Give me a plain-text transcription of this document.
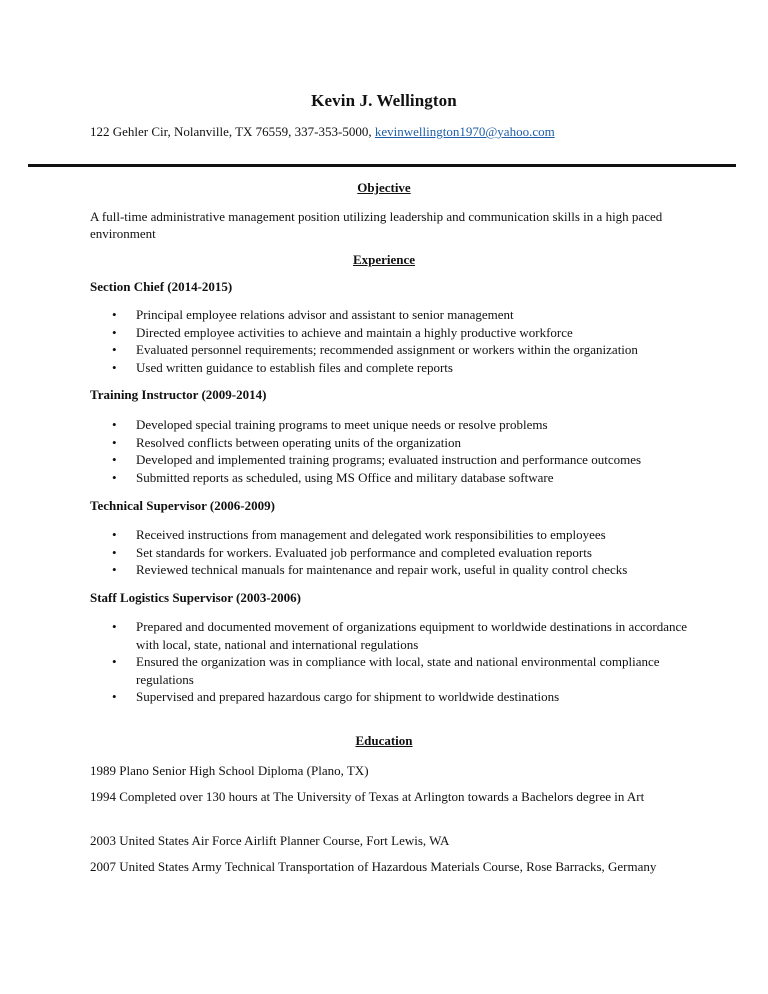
Kevin J. Wellington
122 Gehler Cir, Nolanville, TX 76559, 337-353-5000, kevinwellington1970@yahoo.com
Objective
A full-time administrative management position utilizing leadership and communication skills in a high paced environment
Experience
Section Chief (2014-2015)
• Principal employee relations advisor and assistant to senior management
• Directed employee activities to achieve and maintain a highly productive workforce
• Evaluated personnel requirements; recommended assignment or workers within the organization
• Used written guidance to establish files and complete reports
Training Instructor (2009-2014)
• Developed special training programs to meet unique needs or resolve problems
• Resolved conflicts between operating units of the organization
• Developed and implemented training programs; evaluated instruction and performance outcomes
• Submitted reports as scheduled, using MS Office and military database software
Technical Supervisor (2006-2009)
• Received instructions from management and delegated work responsibilities to employees
• Set standards for workers. Evaluated job performance and completed evaluation reports
• Reviewed technical manuals for maintenance and repair work, useful in quality control checks
Staff Logistics Supervisor (2003-2006)
• Prepared and documented movement of organizations equipment to worldwide destinations in accordance with local, state, national and international regulations
• Ensured the organization was in compliance with local, state and national environmental compliance regulations
• Supervised and prepared hazardous cargo for shipment to worldwide destinations
Education
1989 Plano Senior High School Diploma (Plano, TX)
1994 Completed over 130 hours at The University of Texas at Arlington towards a Bachelors degree in Art
2003 United States Air Force Airlift Planner Course, Fort Lewis, WA
2007 United States Army Technical Transportation of Hazardous Materials Course, Rose Barracks, Germany
